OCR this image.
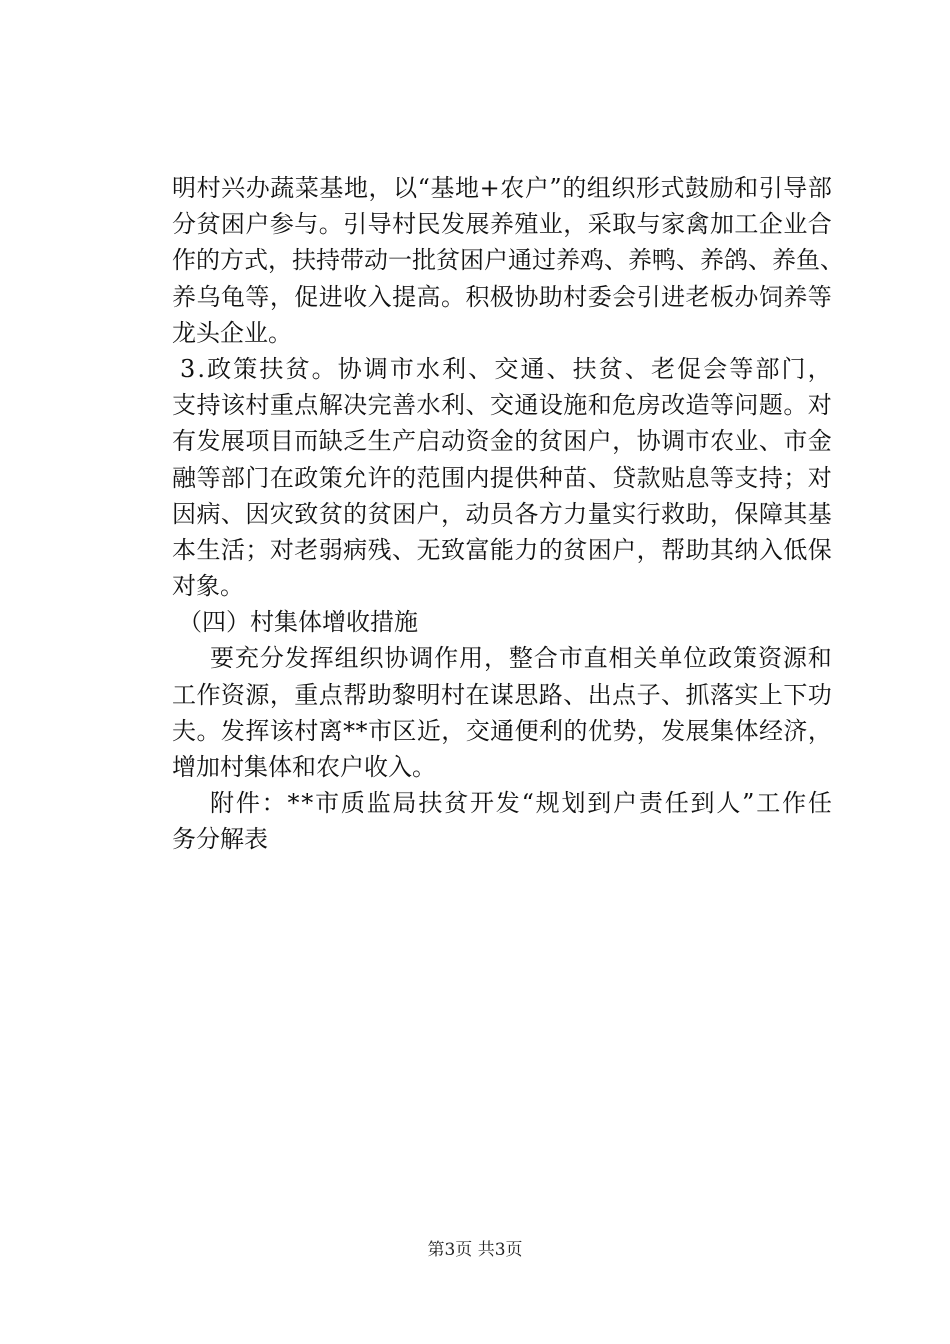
明 村 兴 办 蔬 菜 基 地 ， 以 “ 基 地 + 农 户 ” 的 组 织 形 式 鼓 励 和 引 导 部
分 贫 困 户 参 与 。 引 导 村 民 发 展 养 殖 业 ， 采 取 与 家 禽 加 工 企 业 合
作 的 方 式 ， 扶 持 带 动 一 批 贫 困 户 通 过 养 鸡 、 养 鸭 、 养 鸽 、 养 鱼 、
养 乌 龟 等 ， 促 进 收 入 提 高 。 积 极 协 助 村 委 会 引 进 老 板 办 饲 养 等
龙 头 企 业 。
3 . 政 策 扶 贫 。 协 调 市 水 利 、 交 通 、 扶 贫 、 老 促 会 等 部 门 ，
支 持 该 村 重 点 解 决 完 善 水 利 、 交 通 设 施 和 危 房 改 造 等 问 题 。 对
有 发 展 项 目 而 缺 乏 生 产 启 动 资 金 的 贫 困 户 ， 协 调 市 农 业 、 市 金
融 等 部 门 在 政 策 允 许 的 范 围 内 提 供 种 苗 、 贷 款 贴 息 等 支 持 ； 对
因 病 、 因 灾 致 贫 的 贫 困 户 ， 动 员 各 方 力 量 实 行 救 助 ， 保 障 其 基
本 生 活 ； 对 老 弱 病 残 、 无 致 富 能 力 的 贫 困 户 ， 帮 助 其 纳 入 低 保
对 象 。
（ 四 ） 村 集 体 增 收 措 施
要 充 分 发 挥 组 织 协 调 作 用 ， 整 合 市 直 相 关 单 位 政 策 资 源 和
工 作 资 源 ， 重 点 帮 助 黎 明 村 在 谋 思 路 、 出 点 子 、 抓 落 实 上 下 功
夫 。 发 挥 该 村 离 * * 市 区 近 ， 交 通 便 利 的 优 势 ， 发 展 集 体 经 济 ，
增 加 村 集 体 和 农 户 收 入 。
附 件 ： * * 市 质 监 局 扶 贫 开 发 “ 规 划 到 户 责 任 到 人 ” 工 作 任
务 分 解 表
第3页 共3页
